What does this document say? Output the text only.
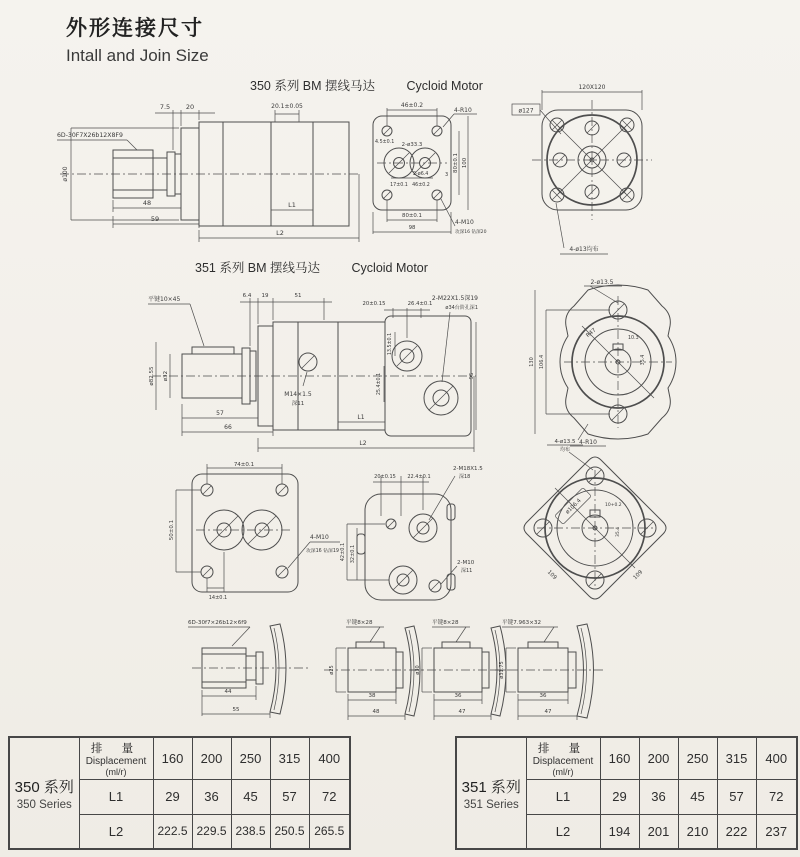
外形连接尺寸
Intall and Join Size
350 系列 BM 摆线马达	Cycloid Motor
7.5 20	20.1±0.05
6D-30F7X26b12X8F9
ø100
48
59
L1
L2
46±0.2
4-R10
2-ø33.3
4.5±0.1
2-ø6.4	3
17±0.1 46±0.2
80±0.1 100
80±0.1
98
4-M10
攻深16 钻深20
120X120
ø127
4-ø13均布
351 系列 BM 摆线马达	Cycloid Motor
平键10×45	6.4 19	51
20±0.15	26.4±0.1
2-M22X1.5深19
ø34台阶孔深1
ø82.55 ø32
M14×1.5
深11
13.5±0.1
25.4±0.1
57
66
L1
L2
95
2-ø13.5
R47
4-R10
106.4
130
10.3
35.4
74±0.1
50±0.1
14±0.1
4-M10
攻深16 钻深19
20±0.15 22.4±0.1
2-M18X1.5
深18
2-M10
深11
42±0.1 32±0.1
4-ø13.5
均布
ø106.4	10+0.2
35.4
109	109
6D-30f7×26b12×6f9
44
55
平键8×28
ø25
38
48
平键8×28
ø30
36
47
平键7.963×32
ø31.75
36
47
350 系列
350 Series

排 量
Displacement
(ml/r)
	160	200	250	315	400
	L1	29	36	45	57	72
	L2	222.5	229.5	238.5	250.5	265.5
351 系列
351 Series

排 量
Displacement
(ml/r)
	160	200	250	315	400
	L1	29	36	45	57	72
	L2	194	201	210	222	237
